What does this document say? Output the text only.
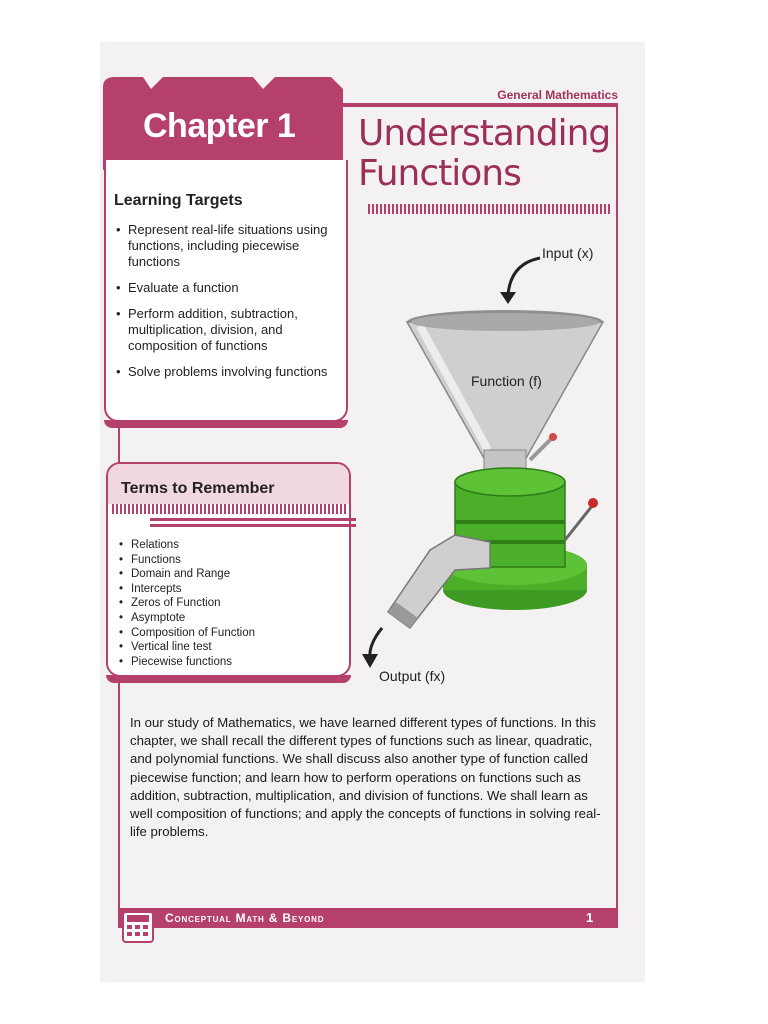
General Mathematics
Chapter 1 Understanding
Functions
Learning Targets
• Represent real-life situations using functions, including piecewise functions
• Evaluate a function
• Perform addition, subtraction, multiplication, division, and composition of functions
• Solve problems involving functions
Terms to Remember
• Relations
• Functions
• Domain and Range
• Intercepts
• Zeros of Function
• Asymptote
• Composition of Function
• Vertical line test
• Piecewise functions
Input (x)
Function (f)
Output (fx)

In our study of Mathematics, we have learned different types of functions. In this chapter, we shall recall the different types of functions such as linear, quadratic, and polynomial functions. We shall discuss also another type of function called piecewise function; and learn how to perform operations on functions such as addition, subtraction, multiplication, and division of functions. We shall learn as well composition of functions; and apply the concepts of functions in solving real-life problems.

Conceptual Math & Beyond	1
